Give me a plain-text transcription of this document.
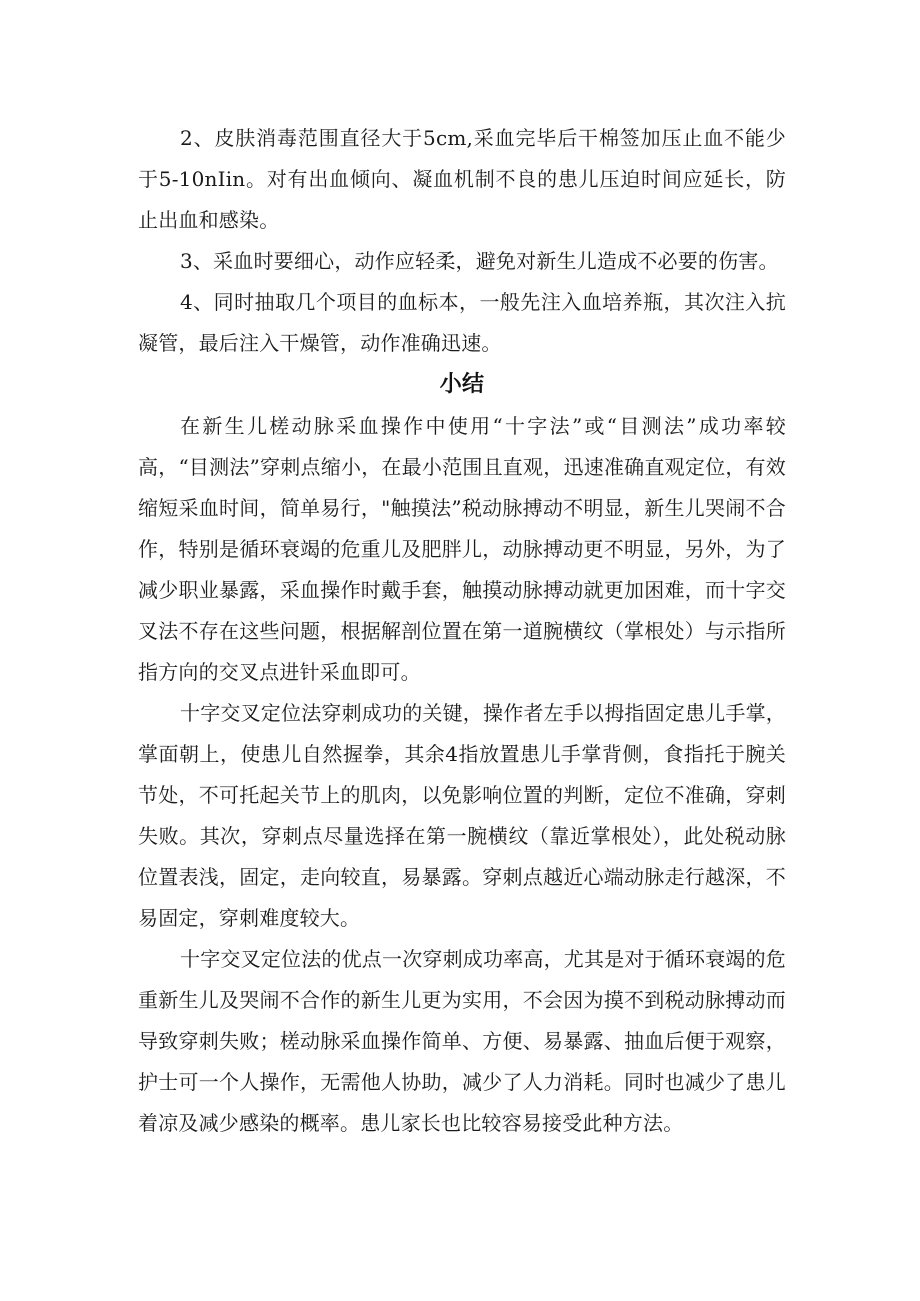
2、皮肤消毒范围直径大于5cm,采血完毕后干棉签加压止血不能少于5-10nIin。对有出血倾向、凝血机制不良的患儿压迫时间应延长，防止出血和感染。

3、采血时要细心，动作应轻柔，避免对新生儿造成不必要的伤害。

4、同时抽取几个项目的血标本，一般先注入血培养瓶，其次注入抗凝管，最后注入干燥管，动作准确迅速。

小结

在新生儿槎动脉采血操作中使用“十字法”或“目测法”成功率较高，“目测法”穿刺点缩小，在最小范围且直观，迅速准确直观定位，有效缩短采血时间，简单易行，"触摸法”税动脉搏动不明显，新生儿哭闹不合作，特别是循环衰竭的危重儿及肥胖儿，动脉搏动更不明显，另外，为了减少职业暴露，采血操作时戴手套，触摸动脉搏动就更加困难，而十字交叉法不存在这些问题，根据解剖位置在第一道腕横纹（掌根处）与示指所指方向的交叉点进针采血即可。

十字交叉定位法穿刺成功的关键，操作者左手以拇指固定患儿手掌，掌面朝上，使患儿自然握拳，其余4指放置患儿手掌背侧，食指托于腕关节处，不可托起关节上的肌肉，以免影响位置的判断，定位不准确，穿刺失败。其次，穿刺点尽量选择在第一腕横纹（靠近掌根处），此处税动脉位置表浅，固定，走向较直，易暴露。穿刺点越近心端动脉走行越深，不易固定，穿刺难度较大。

十字交叉定位法的优点一次穿刺成功率高，尤其是对于循环衰竭的危重新生儿及哭闹不合作的新生儿更为实用，不会因为摸不到税动脉搏动而导致穿刺失败；槎动脉采血操作简单、方便、易暴露、抽血后便于观察，护士可一个人操作，无需他人协助，减少了人力消耗。同时也减少了患儿着凉及减少感染的概率。患儿家长也比较容易接受此种方法。
